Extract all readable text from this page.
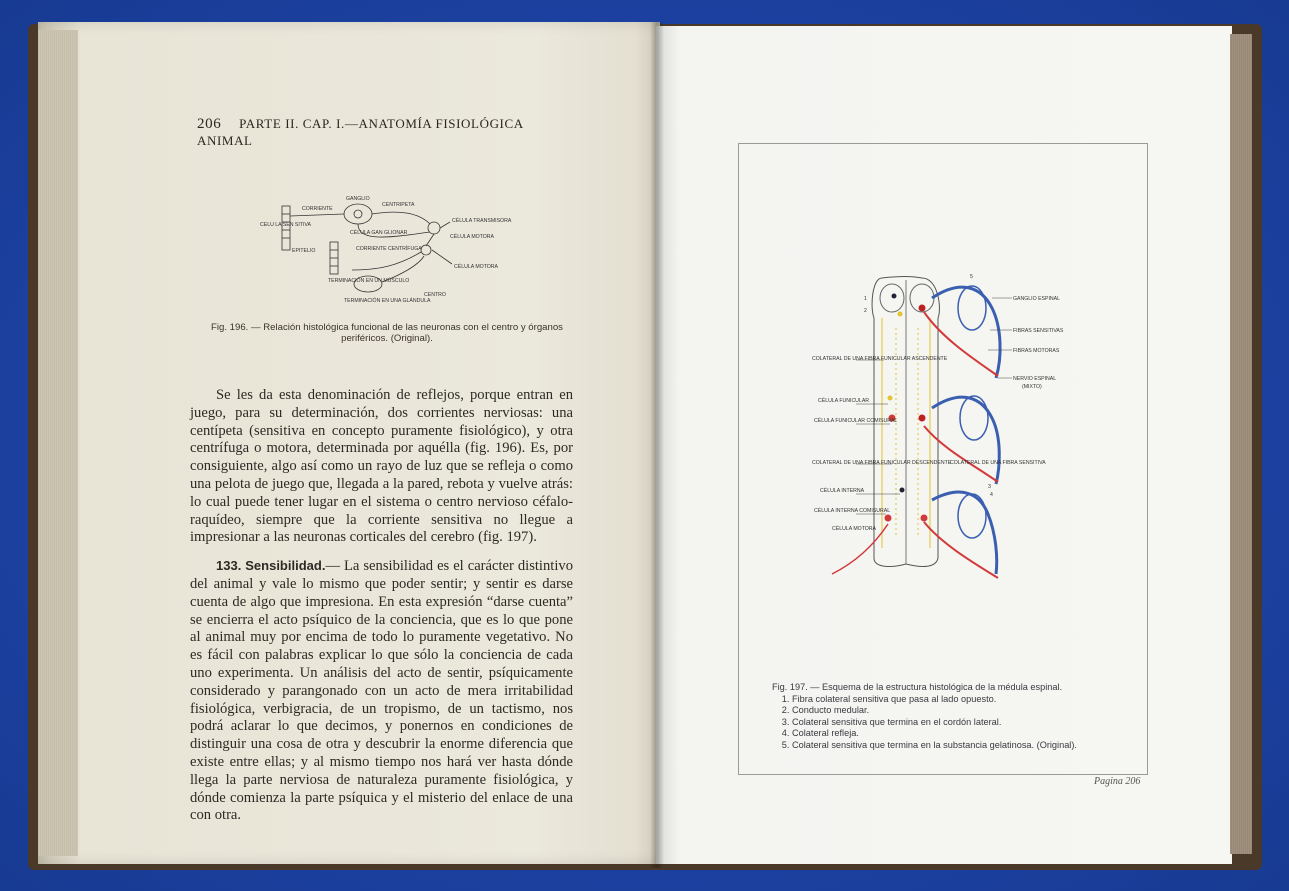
206 PARTE II. CAP. I.—ANATOMÍA FISIOLÓGICA ANIMAL
GANGLIO
CORRIENTE
CENTRIPETA
CELU LA SEN SITIVA
EPITELIO
CÉLULA GAN GLIONAR
CORRIENTE CENTRÍFUGA
CÉLULA TRANSMISORA
CÉLULA MOTORA
CÉLULA MOTORA
TERMINACIÓN EN UN MÚSCULO
TERMINACIÓN EN UNA GLÁNDULA
CENTRO
Fig. 196. — Relación histológica funcional de las neuronas con el centro y órganos
periféricos. (Original).

Se les da esta denominación de reflejos, porque entran en juego, para su determinación, dos corrientes nerviosas: una centípeta (sensitiva en concepto puramente fisiológico), y otra centrífuga o motora, determinada por aquélla (fig. 196). Es, por consiguiente, algo así como un rayo de luz que se refleja o como una pelota de juego que, llegada a la pared, rebota y vuelve atrás: lo cual puede tener lugar en el sistema o centro nervioso céfalo-raquídeo, siempre que la corriente sensitiva no llegue a impresionar a las neuronas corticales del cerebro (fig. 197).

133. Sensibilidad.— La sensibilidad es el carácter distintivo del animal y vale lo mismo que poder sentir; y sentir es darse cuenta de algo que impresiona. En esta expresión “darse cuenta” se encierra el acto psíquico de la conciencia, que es lo que pone al animal muy por encima de todo lo puramente vegetativo. No es fácil con palabras explicar lo que sólo la conciencia de cada uno experimenta. Un análisis del acto de sentir, psíquicamente considerado y parangonado con un acto de mera irritabilidad fisiológica, verbigracia, de un tropismo, de un tactismo, nos podrá aclarar lo que decimos, y ponernos en condiciones de distinguir una cosa de otra y descubrir la enorme diferencia que existe entre ellas; y al mismo tiempo nos hará ver hasta dónde llega la parte nerviosa de naturaleza puramente fisiológica, y dónde comienza la parte psíquica y el misterio del enlace de una con otra.

GANGLIO ESPINAL
FIBRAS SENSITIVAS
FIBRAS MOTORAS
NERVIO ESPINAL
(MIXTO)
COLATERAL DE UNA FIBRA FUNICULAR ASCENDENTE
CÉLULA FUNICULAR
CÉLULA FUNICULAR COMISURAL
COLATERAL DE UNA FIBRA FUNICULAR DESCENDENTE
COLATERAL DE UNA FIBRA SENSITIVA
CÉLULA INTERNA
CÉLULA INTERNA COMISURAL
CÉLULA MOTORA
1
2
3
4
5
Fig. 197. — Esquema de la estructura histológica de la médula espinal.
1. Fibra colateral sensitiva que pasa al lado opuesto.
2. Conducto medular.
3. Colateral sensitiva que termina en el cordón lateral.
4. Colateral refleja.
5. Colateral sensitiva que termina en la substancia gelatinosa. (Original).
Pagina 206
